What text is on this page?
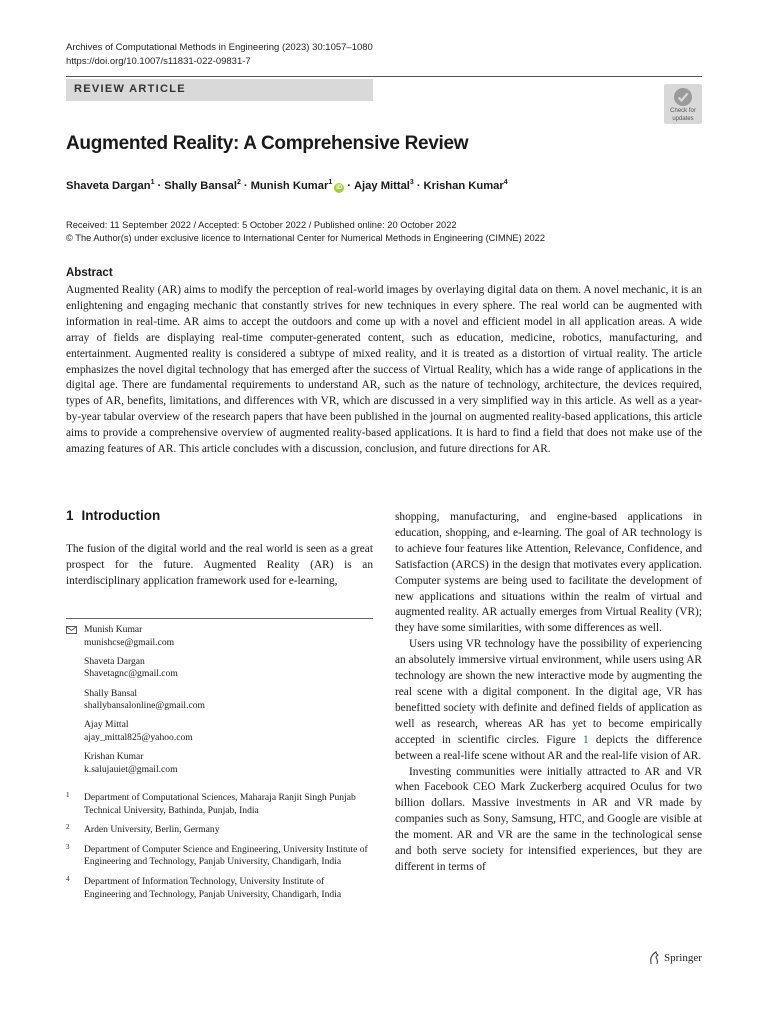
Archives of Computational Methods in Engineering (2023) 30:1057–1080
https://doi.org/10.1007/s11831-022-09831-7
REVIEW ARTICLE
Check for
updates
Augmented Reality: A Comprehensive Review
Shaveta Dargan$^1$ · Shally Bansal$^2$ · Munish Kumar$^1$iD · Ajay Mittal$^3$ · Krishan Kumar$^4$
Received: 11 September 2022 / Accepted: 5 October 2022 / Published online: 20 October 2022
© The Author(s) under exclusive licence to International Center for Numerical Methods in Engineering (CIMNE) 2022
Abstract
Augmented Reality (AR) aims to modify the perception of real-world images by overlaying digital data on them. A novel mechanic, it is an enlightening and engaging mechanic that constantly strives for new techniques in every sphere. The real world can be augmented with information in real-time. AR aims to accept the outdoors and come up with a novel and efficient model in all application areas. A wide array of fields are displaying real-time computer-generated content, such as education, medicine, robotics, manufacturing, and entertainment. Augmented reality is considered a subtype of mixed reality, and it is treated as a distortion of virtual reality. The article emphasizes the novel digital technology that has emerged after the success of Virtual Reality, which has a wide range of applications in the digital age. There are fundamental requirements to understand AR, such as the nature of technology, architecture, the devices required, types of AR, benefits, limitations, and differences with VR, which are discussed in a very simplified way in this article. As well as a year-by-year tabular overview of the research papers that have been published in the journal on augmented reality-based applications, this article aims to provide a comprehensive overview of augmented reality-based applications. It is hard to find a field that does not make use of the amazing features of AR. This article concludes with a discussion, conclusion, and future directions for AR.
1 Introduction
The fusion of the digital world and the real world is seen as a great prospect for the future. Augmented Reality (AR) is an interdisciplinary application framework used for e-learning,
Munish Kumar
munishcse@gmail.com
Shaveta Dargan
Shavetagnc@gmail.com
Shally Bansal
shallybansalonline@gmail.com
Ajay Mittal
ajay_mittal825@yahoo.com
Krishan Kumar
k.salujauiet@gmail.com
1 Department of Computational Sciences, Maharaja Ranjit Singh Punjab Technical University, Bathinda, Punjab, India
2 Arden University, Berlin, Germany
3 Department of Computer Science and Engineering, University Institute of Engineering and Technology, Panjab University, Chandigarh, India
4 Department of Information Technology, University Institute of Engineering and Technology, Panjab University, Chandigarh, India

shopping, manufacturing, and engine-based applications in education, shopping, and e-learning. The goal of AR technology is to achieve four features like Attention, Relevance, Confidence, and Satisfaction (ARCS) in the design that motivates every application. Computer systems are being used to facilitate the development of new applications and situations within the realm of virtual and augmented reality. AR actually emerges from Virtual Reality (VR); they have some similarities, with some differences as well.

Users using VR technology have the possibility of experiencing an absolutely immersive virtual environment, while users using AR technology are shown the new interactive mode by augmenting the real scene with a digital component. In the digital age, VR has benefitted society with definite and defined fields of application as well as research, whereas AR has yet to become empirically accepted in scientific circles. Figure 1 depicts the difference between a real-life scene without AR and the real-life vision of AR.

Investing communities were initially attracted to AR and VR when Facebook CEO Mark Zuckerberg acquired Oculus for two billion dollars. Massive investments in AR and VR made by companies such as Sony, Samsung, HTC, and Google are visible at the moment. AR and VR are the same in the technological sense and both serve society for intensified experiences, but they are different in terms of

Springer
